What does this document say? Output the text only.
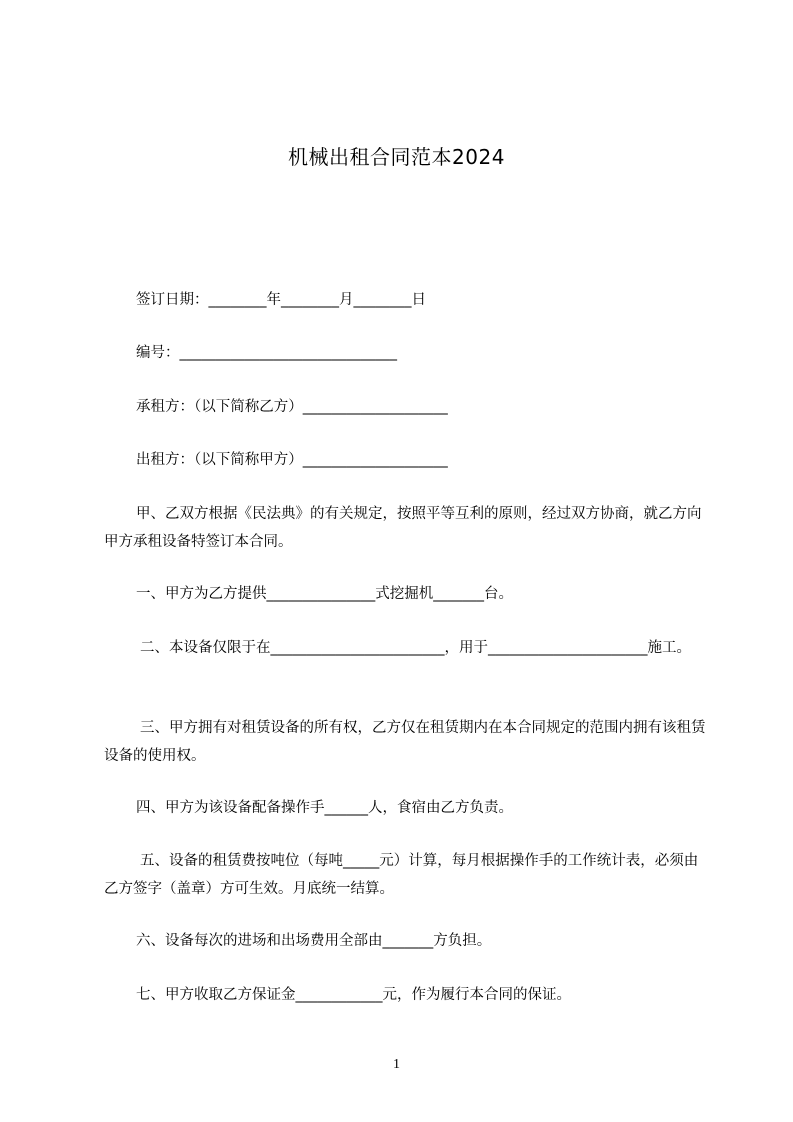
机械出租合同范本2024
签订日期：________年________月________日
编号：______________________________
承租方：（以下简称乙方）____________________
出租方：（以下简称甲方）____________________
甲、乙双方根据《民法典》的有关规定，按照平等互利的原则，经过双方协商，就乙方向甲方承租设备特签订本合同。
一、甲方为乙方提供_______________式挖掘机_______台。
二、本设备仅限于在________________________，用于______________________施工。
三、甲方拥有对租赁设备的所有权，乙方仅在租赁期内在本合同规定的范围内拥有该租赁设备的使用权。
四、甲方为该设备配备操作手______人，食宿由乙方负责。
五、设备的租赁费按吨位（每吨_____元）计算，每月根据操作手的工作统计表，必须由乙方签字（盖章）方可生效。月底统一结算。
六、设备每次的进场和出场费用全部由_______方负担。
七、甲方收取乙方保证金____________元，作为履行本合同的保证。
1
